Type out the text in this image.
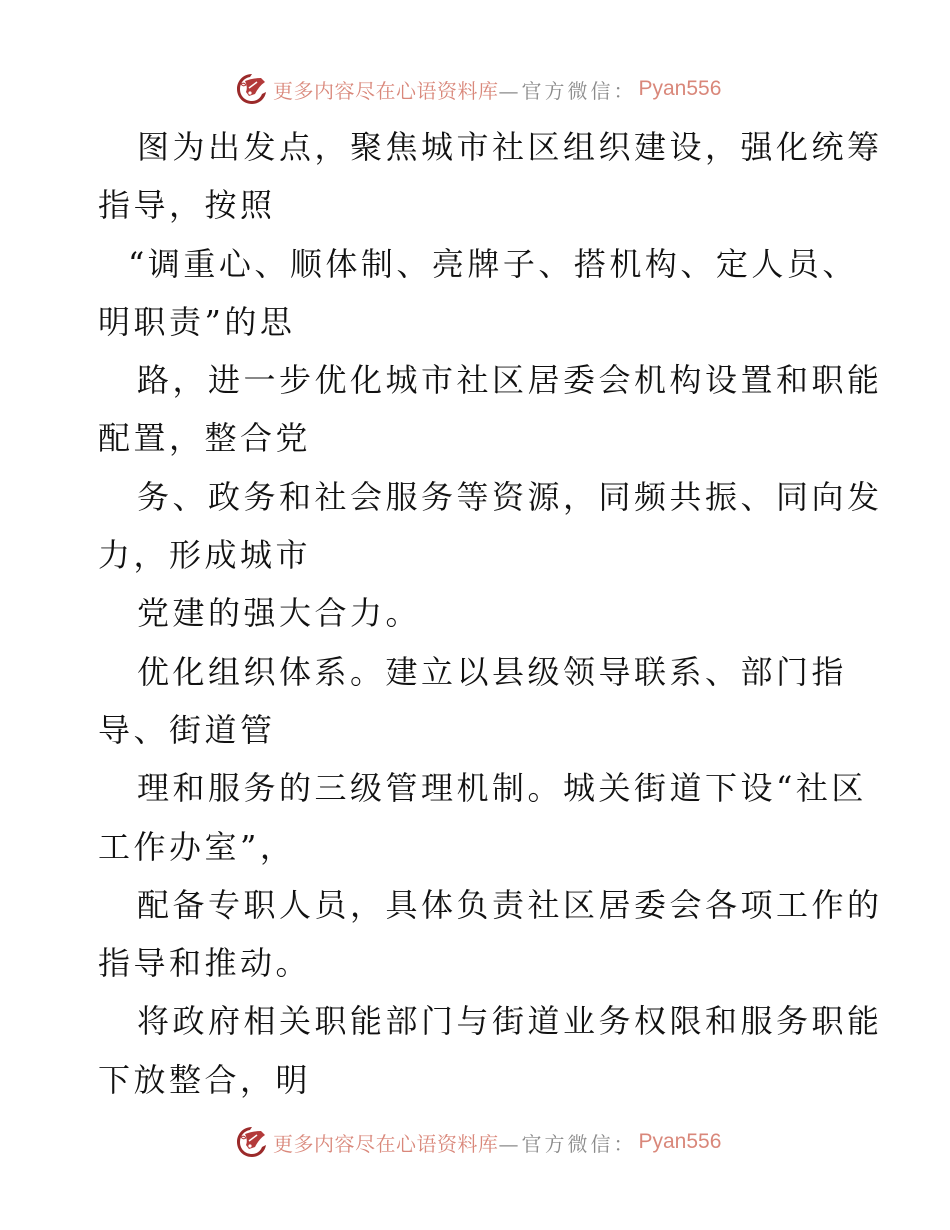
更多内容尽在心语资料库 —官方微信： Pyan556
图为出发点，聚焦城市社区组织建设，强化统筹
指导，按照
“调重心、顺体制、亮牌子、搭机构、定人员、
明职责”的思
路，进一步优化城市社区居委会机构设置和职能
配置，整合党
务、政务和社会服务等资源，同频共振、同向发
力，形成城市
党建的强大合力。
优化组织体系。建立以县级领导联系、部门指
导、街道管
理和服务的三级管理机制。城关街道下设“社区
工作办室”，
配备专职人员，具体负责社区居委会各项工作的
指导和推动。
将政府相关职能部门与街道业务权限和服务职能
下放整合，明
更多内容尽在心语资料库 —官方微信： Pyan556
